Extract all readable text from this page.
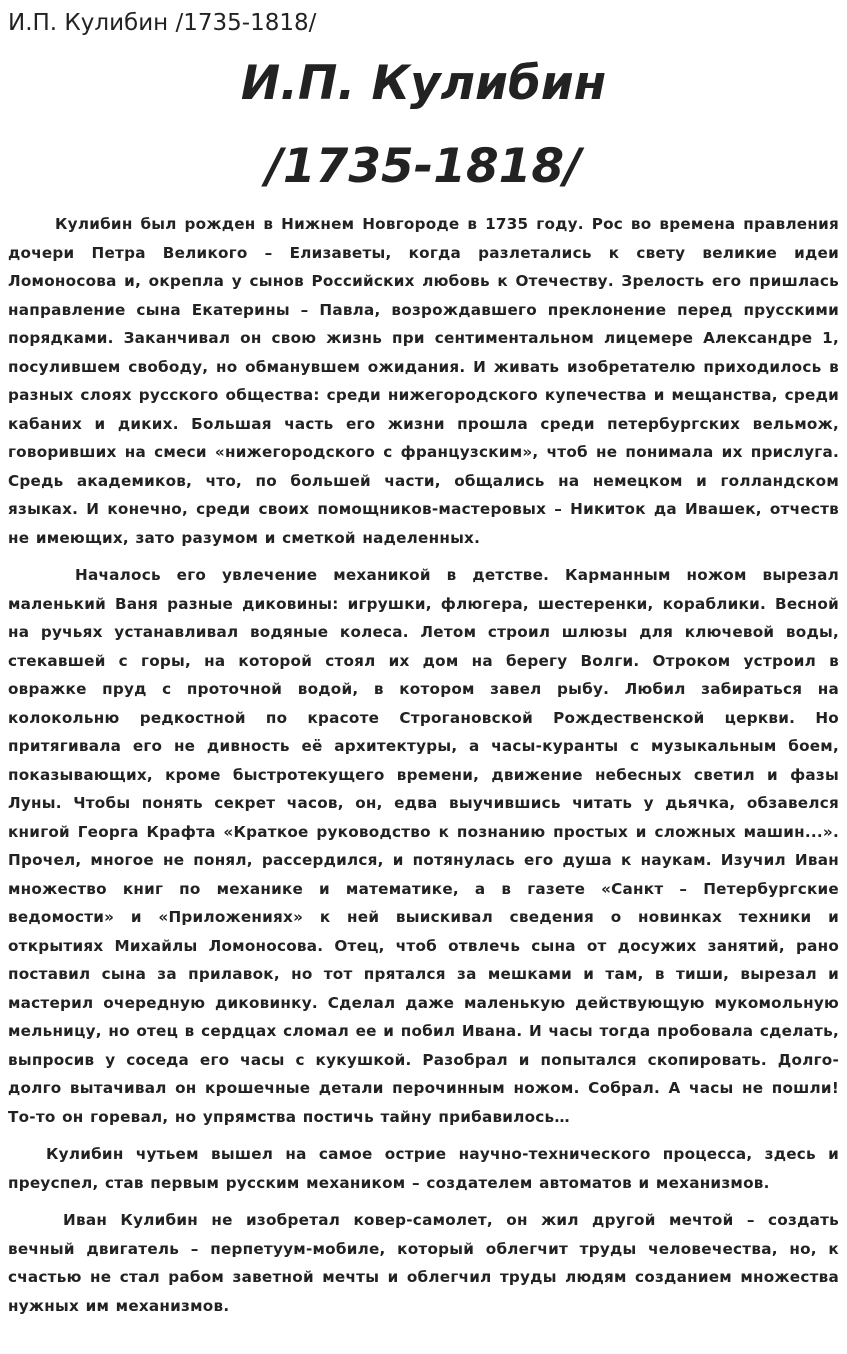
И.П. Кулибин /1735-1818/
И.П. Кулибин
/1735-1818/

Кулибин был рожден в Нижнем Новгороде в 1735 году. Рос во времена правления дочери Петра Великого – Елизаветы, когда разлетались к свету великие идеи Ломоносова и, окрепла у сынов Российских любовь к Отечеству. Зрелость его пришлась направление сына Екатерины – Павла, возрождавшего преклонение перед прусскими порядками. Заканчивал он свою жизнь при сентиментальном лицемере Александре 1, посулившем свободу, но обманувшем ожидания. И живать изобретателю приходилось в разных слоях русского общества: среди нижегородского купечества и мещанства, среди кабаних и диких. Большая часть его жизни прошла среди петербургских вельмож, говоривших на смеси «нижегородского с французским», чтоб не понимала их прислуга. Средь академиков, что, по большей части, общались на немецком и голландском языках. И конечно, среди своих помощников-мастеровых – Никиток да Ивашек, отчеств не имеющих, зато разумом и сметкой наделенных.

Началось его увлечение механикой в детстве. Карманным ножом вырезал маленький Ваня разные диковины: игрушки, флюгера, шестеренки, кораблики. Весной на ручьях устанавливал водяные колеса. Летом строил шлюзы для ключевой воды, стекавшей с горы, на которой стоял их дом на берегу Волги. Отроком устроил в овражке пруд с проточной водой, в котором завел рыбу. Любил забираться на колокольню редкостной по красоте Строгановской Рождественской церкви. Но притягивала его не дивность её архитектуры, а часы-куранты с музыкальным боем, показывающих, кроме быстротекущего времени, движение небесных светил и фазы Луны. Чтобы понять секрет часов, он, едва выучившись читать у дьячка, обзавелся книгой Георга Крафта «Краткое руководство к познанию простых и сложных машин...». Прочел, многое не понял, рассердился, и потянулась его душа к наукам. Изучил Иван множество книг по механике и математике, а в газете «Санкт – Петербургские ведомости» и «Приложениях» к ней выискивал сведения о новинках техники и открытиях Михайлы Ломоносова. Отец, чтоб отвлечь сына от досужих занятий, рано поставил сына за прилавок, но тот прятался за мешками и там, в тиши, вырезал и мастерил очередную диковинку. Сделал даже маленькую действующую мукомольную мельницу, но отец в сердцах сломал ее и побил Ивана. И часы тогда пробовала сделать, выпросив у соседа его часы с кукушкой. Разобрал и попытался скопировать. Долго-долго вытачивал он крошечные детали перочинным ножом. Собрал. А часы не пошли! То-то он горевал, но упрямства постичь тайну прибавилось…

Кулибин чутьем вышел на самое острие научно-технического процесса, здесь и преуспел, став первым русским механиком – создателем автоматов и механизмов.

Иван Кулибин не изобретал ковер-самолет, он жил другой мечтой – создать вечный двигатель – перпетуум-мобиле, который облегчит труды человечества, но, к счастью не стал рабом заветной мечты и облегчил труды людям созданием множества нужных им механизмов.
